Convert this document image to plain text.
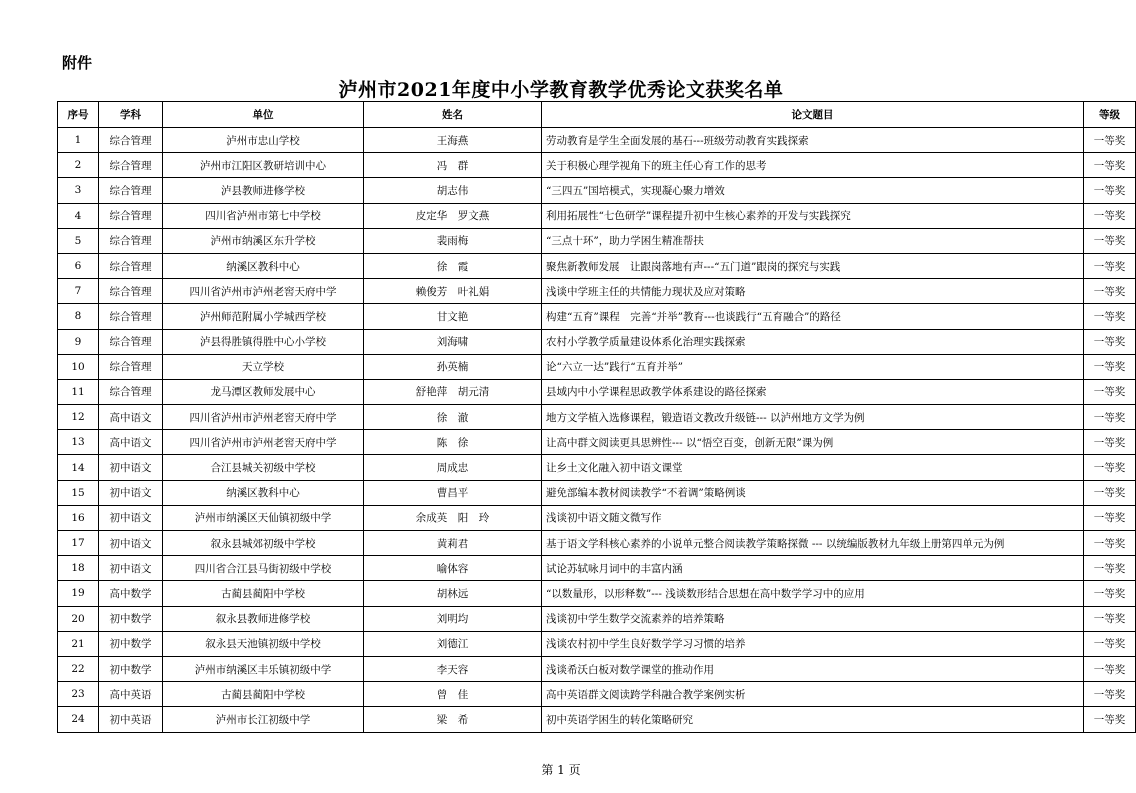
附件
泸州市2021年度中小学教育教学优秀论文获奖名单
序号	学科	单位	姓名	论文题目	等级
1	综合管理	泸州市忠山学校	王海燕	劳动教育是学生全面发展的基石---班级劳动教育实践探索	一等奖
2	综合管理	泸州市江阳区教研培训中心	冯　群	关于积极心理学视角下的班主任心育工作的思考	一等奖
3	综合管理	泸县教师进修学校	胡志伟	“三四五”国培模式，实现凝心聚力增效	一等奖
4	综合管理	四川省泸州市第七中学校	皮定华　罗文燕	利用拓展性“七色研学”课程提升初中生核心素养的开发与实践探究	一等奖
5	综合管理	泸州市纳溪区东升学校	裴雨梅	“三点十环”，助力学困生精准帮扶	一等奖
6	综合管理	纳溪区教科中心	徐　霞	聚焦新教师发展　让跟岗落地有声---“五门道”跟岗的探究与实践	一等奖
7	综合管理	四川省泸州市泸州老窖天府中学	赖俊芳　叶礼娟	浅谈中学班主任的共情能力现状及应对策略	一等奖
8	综合管理	泸州师范附属小学城西学校	甘文艳	构建“五育”课程　完善“并举”教育---也谈践行“五育融合”的路径	一等奖
9	综合管理	泸县得胜镇得胜中心小学校	刘海啸	农村小学教学质量建设体系化治理实践探索	一等奖
10	综合管理	天立学校	孙英楠	论“六立一达”践行“五育并举”	一等奖
11	综合管理	龙马潭区教师发展中心	舒艳萍　胡元清	县域内中小学课程思政教学体系建设的路径探索	一等奖
12	高中语文	四川省泸州市泸州老窖天府中学	徐　澈	地方文学植入选修课程，锻造语文教改升级链--- 以泸州地方文学为例	一等奖
13	高中语文	四川省泸州市泸州老窖天府中学	陈　徐	让高中群文阅读更具思辨性--- 以“悟空百变，创新无限”课为例	一等奖
14	初中语文	合江县城关初级中学校	周成忠	让乡土文化融入初中语文课堂	一等奖
15	初中语文	纳溪区教科中心	曹昌平	避免部编本教材阅读教学“不着调”策略例谈	一等奖
16	初中语文	泸州市纳溪区天仙镇初级中学	余成英　阳　玲	浅谈初中语文随文微写作	一等奖
17	初中语文	叙永县城郊初级中学校	黄莉君	基于语文学科核心素养的小说单元整合阅读教学策略探微 --- 以统编版教材九年级上册第四单元为例	一等奖
18	初中语文	四川省合江县马街初级中学校	喻体容	试论苏轼咏月词中的丰富内涵	一等奖
19	高中数学	古蔺县蔺阳中学校	胡林远	“以数量形，以形释数”--- 浅谈数形结合思想在高中数学学习中的应用	一等奖
20	初中数学	叙永县教师进修学校	刘明均	浅谈初中学生数学交流素养的培养策略	一等奖
21	初中数学	叙永县天池镇初级中学校	刘德江	浅谈农村初中学生良好数学学习习惯的培养	一等奖
22	初中数学	泸州市纳溪区丰乐镇初级中学	李天容	浅谈希沃白板对数学课堂的推动作用	一等奖
23	高中英语	古蔺县蔺阳中学校	曾　佳	高中英语群文阅读跨学科融合教学案例实析	一等奖
24	初中英语	泸州市长江初级中学	梁　希	初中英语学困生的转化策略研究	一等奖
第 1 页
